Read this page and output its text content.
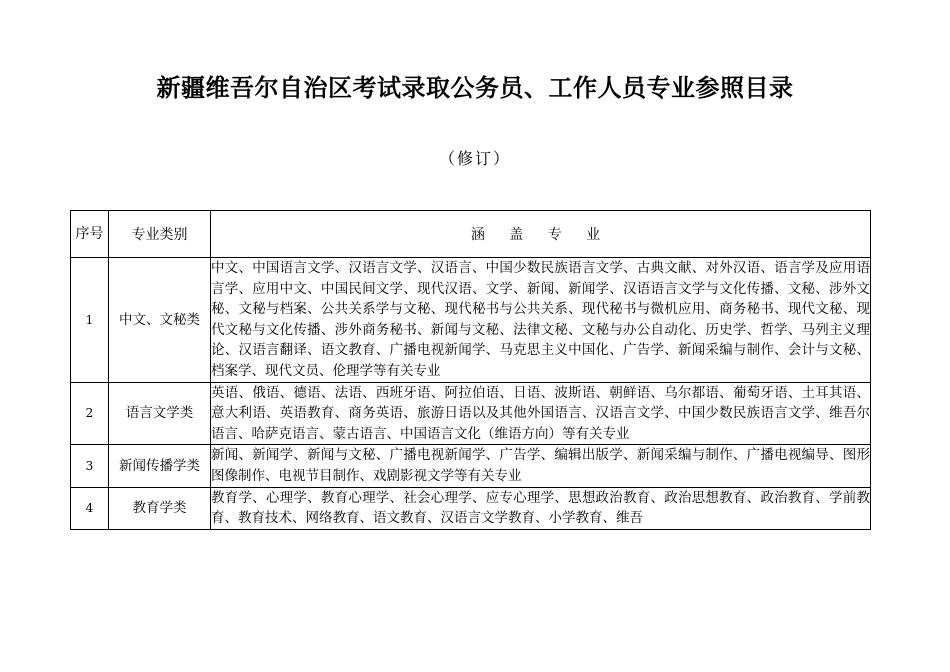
新疆维吾尔自治区考试录取公务员、工作人员专业参照目录
（修订）
序号	专业类别	涵 盖 专 业
1	中文、文秘类	中文、中国语言文学、汉语言文学、汉语言、中国少数民族语言文学、古典文献、对外汉语、语言学及应用语言学、应用中文、中国民间文学、现代汉语、文学、新闻、新闻学、汉语语言文学与文化传播、文秘、涉外文秘、文秘与档案、公共关系学与文秘、现代秘书与公共关系、现代秘书与微机应用、商务秘书、现代文秘、现代文秘与文化传播、涉外商务秘书、新闻与文秘、法律文秘、文秘与办公自动化、历史学、哲学、马列主义理论、汉语言翻译、语文教育、广播电视新闻学、马克思主义中国化、广告学、新闻采编与制作、会计与文秘、档案学、现代文员、伦理学等有关专业
2	语言文学类	英语、俄语、德语、法语、西班牙语、阿拉伯语、日语、波斯语、朝鲜语、乌尔都语、葡萄牙语、土耳其语、意大利语、英语教育、商务英语、旅游日语以及其他外国语言、汉语言文学、中国少数民族语言文学、维吾尔语言、哈萨克语言、蒙古语言、中国语言文化（维语方向）等有关专业
3	新闻传播学类	新闻、新闻学、新闻与文秘、广播电视新闻学、广告学、编辑出版学、新闻采编与制作、广播电视编导、图形图像制作、电视节目制作、戏剧影视文学等有关专业
4	教育学类	教育学、心理学、教育心理学、社会心理学、应专心理学、思想政治教育、政治思想教育、政治教育、学前教育、教育技术、网络教育、语文教育、汉语言文学教育、小学教育、维吾
